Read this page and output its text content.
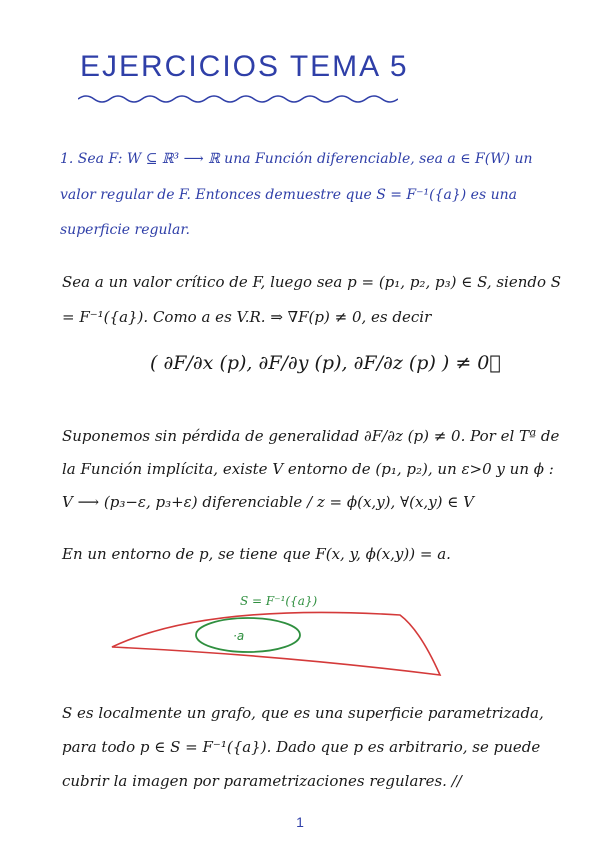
EJERCICIOS TEMA 5

1. Sea F: W ⊆ ℝ³ ⟶ ℝ una Función diferenciable, sea a ∈ F(W) un valor regular de F. Entonces demuestre que S = F⁻¹({a}) es una superficie regular.

Sea a un valor crítico de F, luego sea p = (p₁, p₂, p₃) ∈ S, siendo S = F⁻¹({a}). Como a es V.R. ⇒ ∇F(p) ≠ 0, es decir

( ∂F/∂x (p), ∂F/∂y (p), ∂F/∂z (p) ) ≠ 0⃗

Suponemos sin pérdida de generalidad ∂F/∂z (p) ≠ 0. Por el Tª de la Función implícita, existe V entorno de (p₁, p₂), un ε>0 y un ϕ : V ⟶ (p₃−ε, p₃+ε) diferenciable / z = ϕ(x,y), ∀(x,y) ∈ V

En un entorno de p, se tiene que F(x, y, ϕ(x,y)) = a.

S = F⁻¹({a})
·a

S es localmente un grafo, que es una superficie parametrizada, para todo p ∈ S = F⁻¹({a}). Dado que p es arbitrario, se puede cubrir la imagen por parametrizaciones regulares. //

1
